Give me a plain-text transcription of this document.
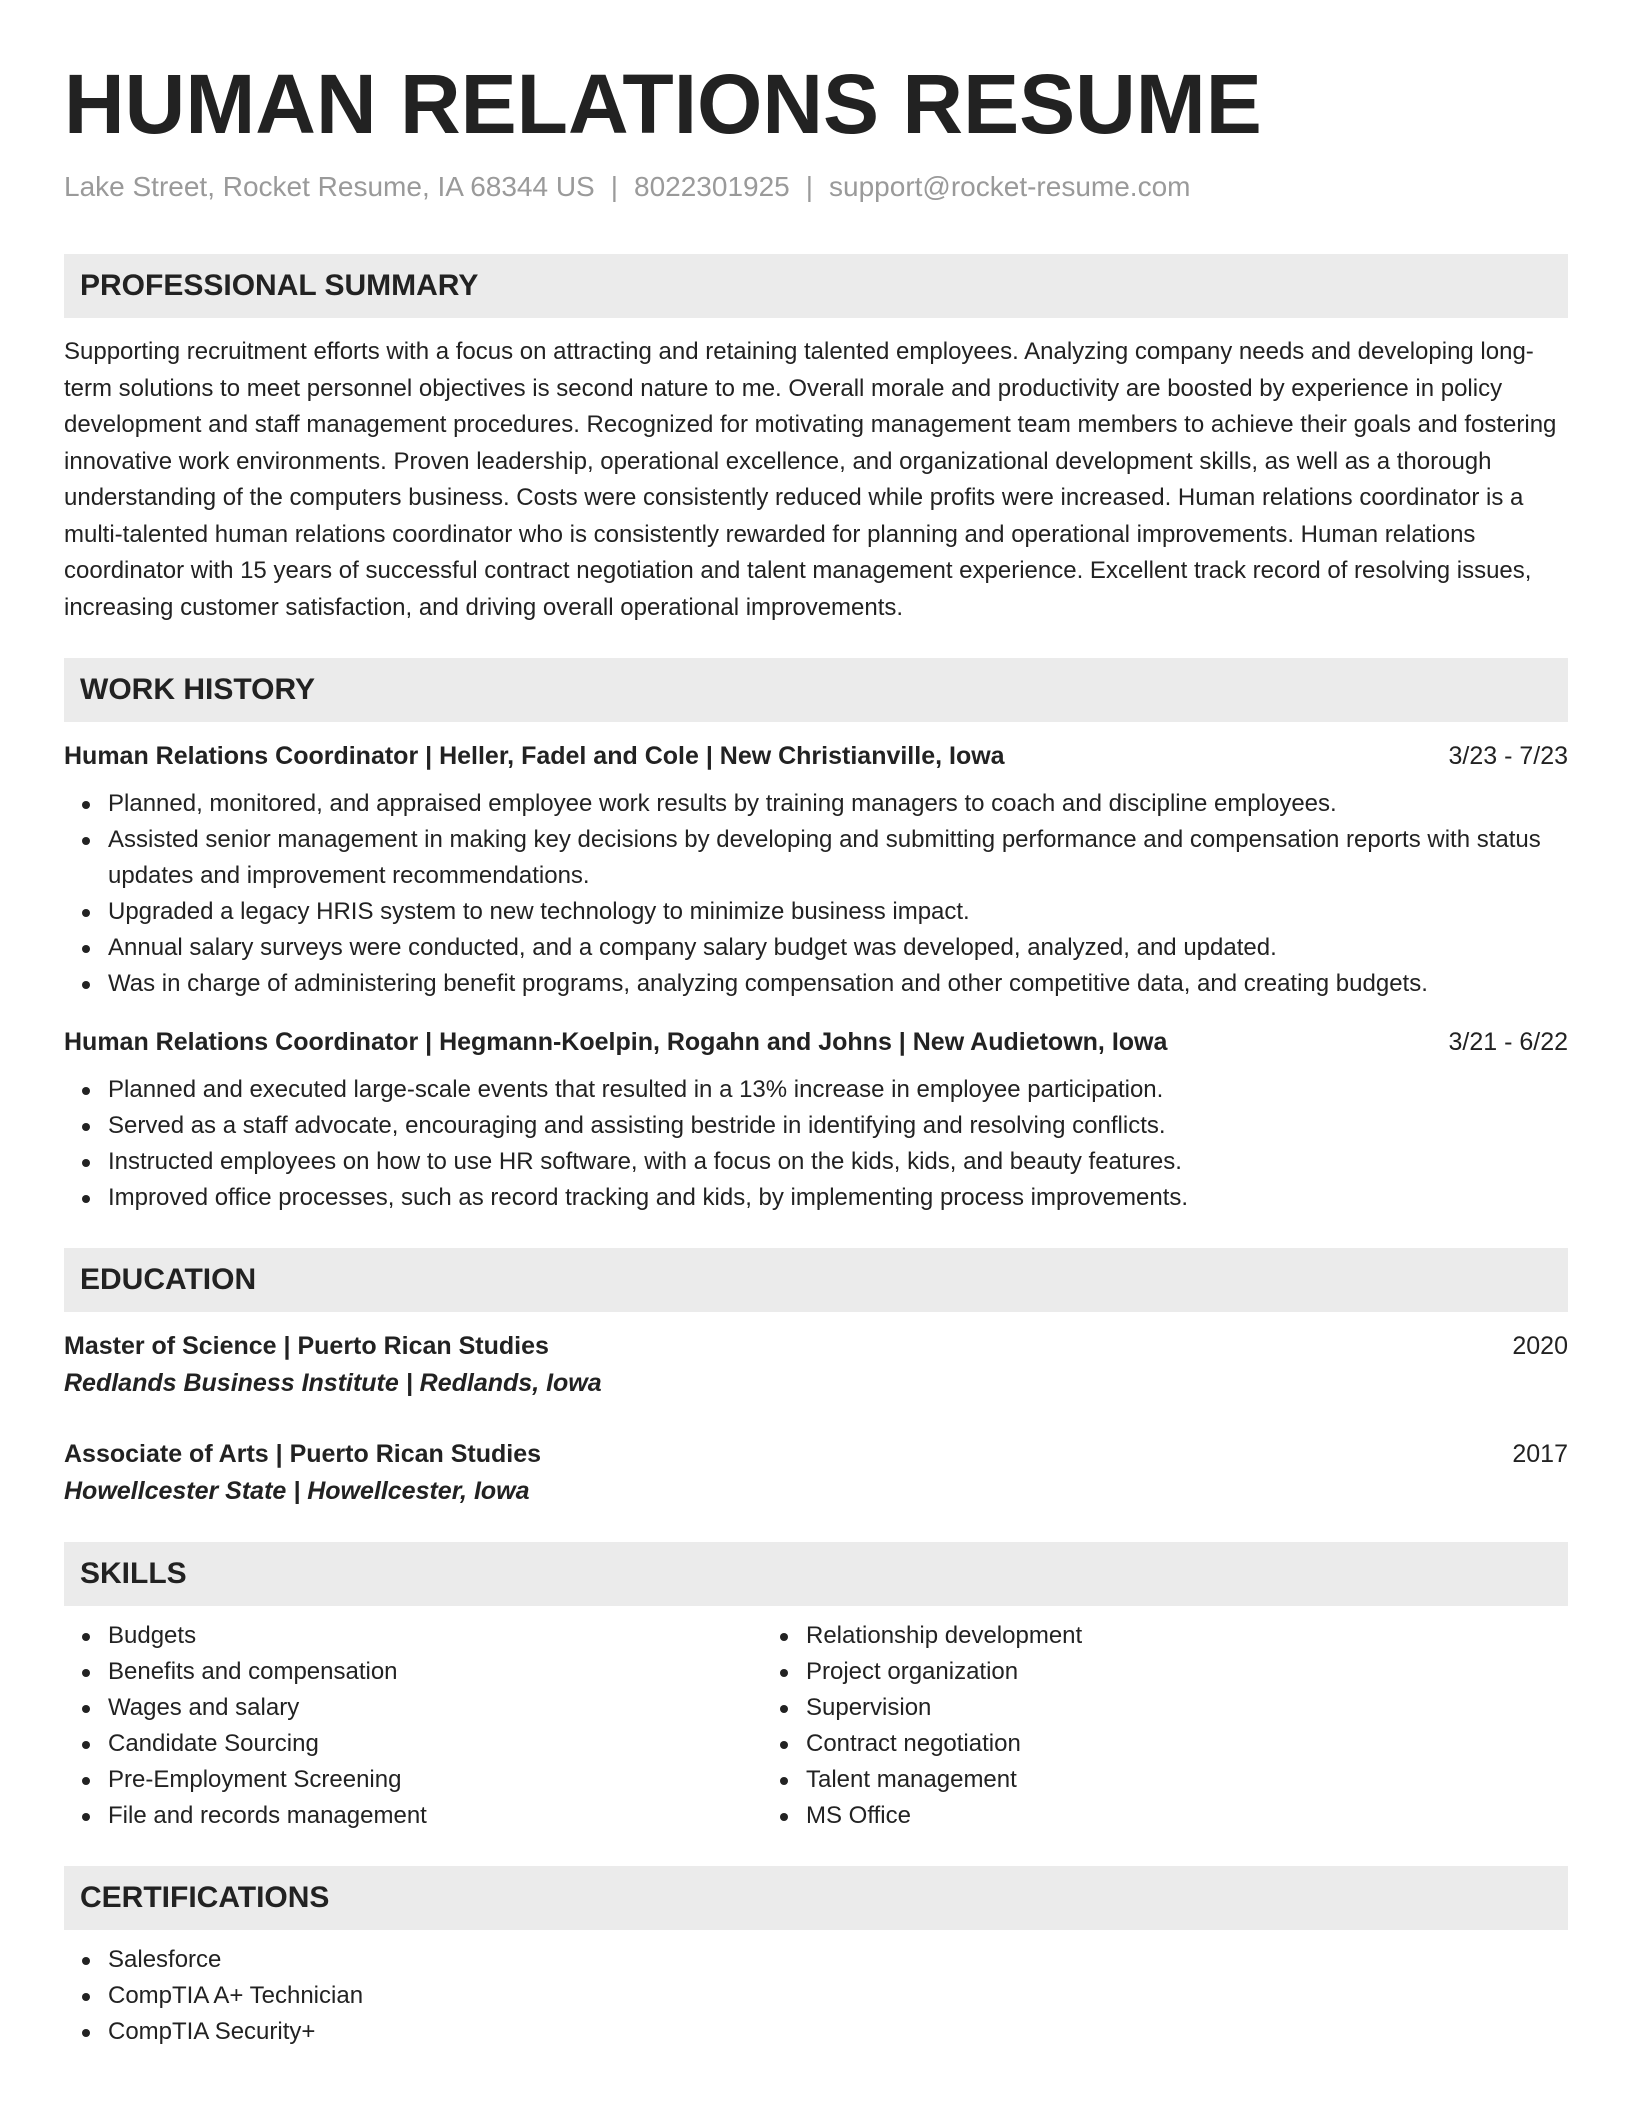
HUMAN RELATIONS RESUME
Lake Street, Rocket Resume, IA 68344 US | 8022301925 | support@rocket-resume.com
PROFESSIONAL SUMMARY
Supporting recruitment efforts with a focus on attracting and retaining talented employees. Analyzing company needs and developing long-term solutions to meet personnel objectives is second nature to me. Overall morale and productivity are boosted by experience in policy development and staff management procedures. Recognized for motivating management team members to achieve their goals and fostering innovative work environments. Proven leadership, operational excellence, and organizational development skills, as well as a thorough understanding of the computers business. Costs were consistently reduced while profits were increased. Human relations coordinator is a multi-talented human relations coordinator who is consistently rewarded for planning and operational improvements. Human relations coordinator with 15 years of successful contract negotiation and talent management experience. Excellent track record of resolving issues, increasing customer satisfaction, and driving overall operational improvements.
WORK HISTORY
Human Relations Coordinator | Heller, Fadel and Cole | New Christianville, Iowa	3/23 - 7/23
Planned, monitored, and appraised employee work results by training managers to coach and discipline employees.
Assisted senior management in making key decisions by developing and submitting performance and compensation reports with status updates and improvement recommendations.
Upgraded a legacy HRIS system to new technology to minimize business impact.
Annual salary surveys were conducted, and a company salary budget was developed, analyzed, and updated.
Was in charge of administering benefit programs, analyzing compensation and other competitive data, and creating budgets.
Human Relations Coordinator | Hegmann-Koelpin, Rogahn and Johns | New Audietown, Iowa	3/21 - 6/22
Planned and executed large-scale events that resulted in a 13% increase in employee participation.
Served as a staff advocate, encouraging and assisting bestride in identifying and resolving conflicts.
Instructed employees on how to use HR software, with a focus on the kids, kids, and beauty features.
Improved office processes, such as record tracking and kids, by implementing process improvements.
EDUCATION
Master of Science | Puerto Rican Studies	2020
Redlands Business Institute | Redlands, Iowa
Associate of Arts | Puerto Rican Studies	2017
Howellcester State | Howellcester, Iowa
SKILLS
Budgets
Benefits and compensation
Wages and salary
Candidate Sourcing
Pre-Employment Screening
File and records management
Relationship development
Project organization
Supervision
Contract negotiation
Talent management
MS Office
CERTIFICATIONS
Salesforce
CompTIA A+ Technician
CompTIA Security+
